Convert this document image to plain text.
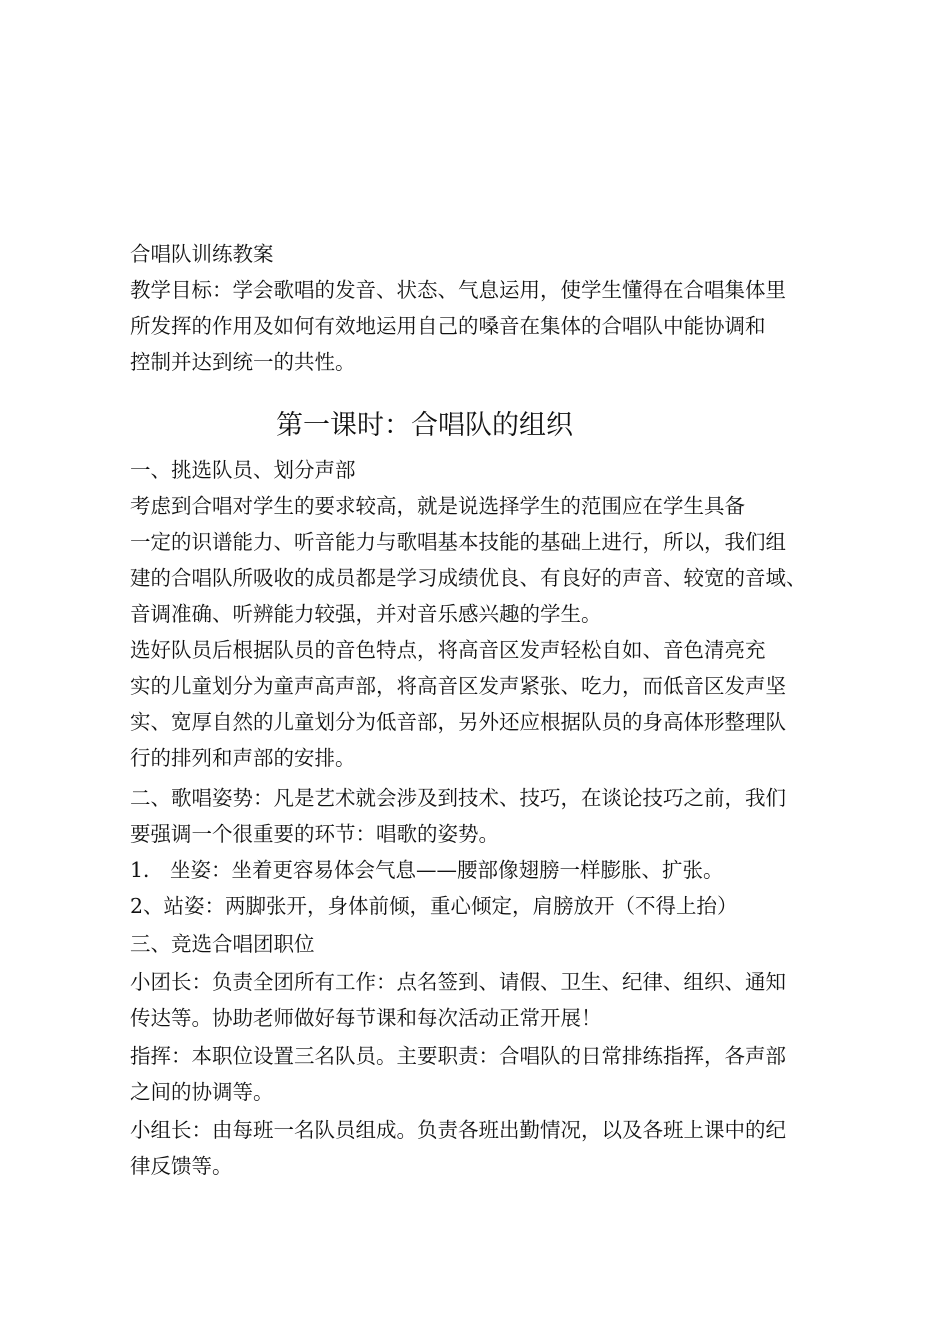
合唱队训练教案
教学目标：学会歌唱的发音、状态、气息运用，使学生懂得在合唱集体里
所发挥的作用及如何有效地运用自己的嗓音在集体的合唱队中能协调和
控制并达到统一的共性。
第一课时：合唱队的组织
一、挑选队员、划分声部
考虑到合唱对学生的要求较高，就是说选择学生的范围应在学生具备
一定的识谱能力、听音能力与歌唱基本技能的基础上进行，所以，我们组
建的合唱队所吸收的成员都是学习成绩优良、有良好的声音、较宽的音域、
音调准确、听辨能力较强，并对音乐感兴趣的学生。
选好队员后根据队员的音色特点，将高音区发声轻松自如、音色清亮充
实的儿童划分为童声高声部，将高音区发声紧张、吃力，而低音区发声坚
实、宽厚自然的儿童划分为低音部，另外还应根据队员的身高体形整理队
行的排列和声部的安排。
二、歌唱姿势：凡是艺术就会涉及到技术、技巧，在谈论技巧之前，我们
要强调一个很重要的环节：唱歌的姿势。
1． 坐姿：坐着更容易体会气息——腰部像翅膀一样膨胀、扩张。
2、站姿：两脚张开，身体前倾，重心倾定，肩膀放开（不得上抬）
三、竞选合唱团职位
小团长：负责全团所有工作：点名签到、请假、卫生、纪律、组织、通知
传达等。协助老师做好每节课和每次活动正常开展！
指挥：本职位设置三名队员。主要职责：合唱队的日常排练指挥，各声部
之间的协调等。
小组长：由每班一名队员组成。负责各班出勤情况，以及各班上课中的纪
律反馈等。
